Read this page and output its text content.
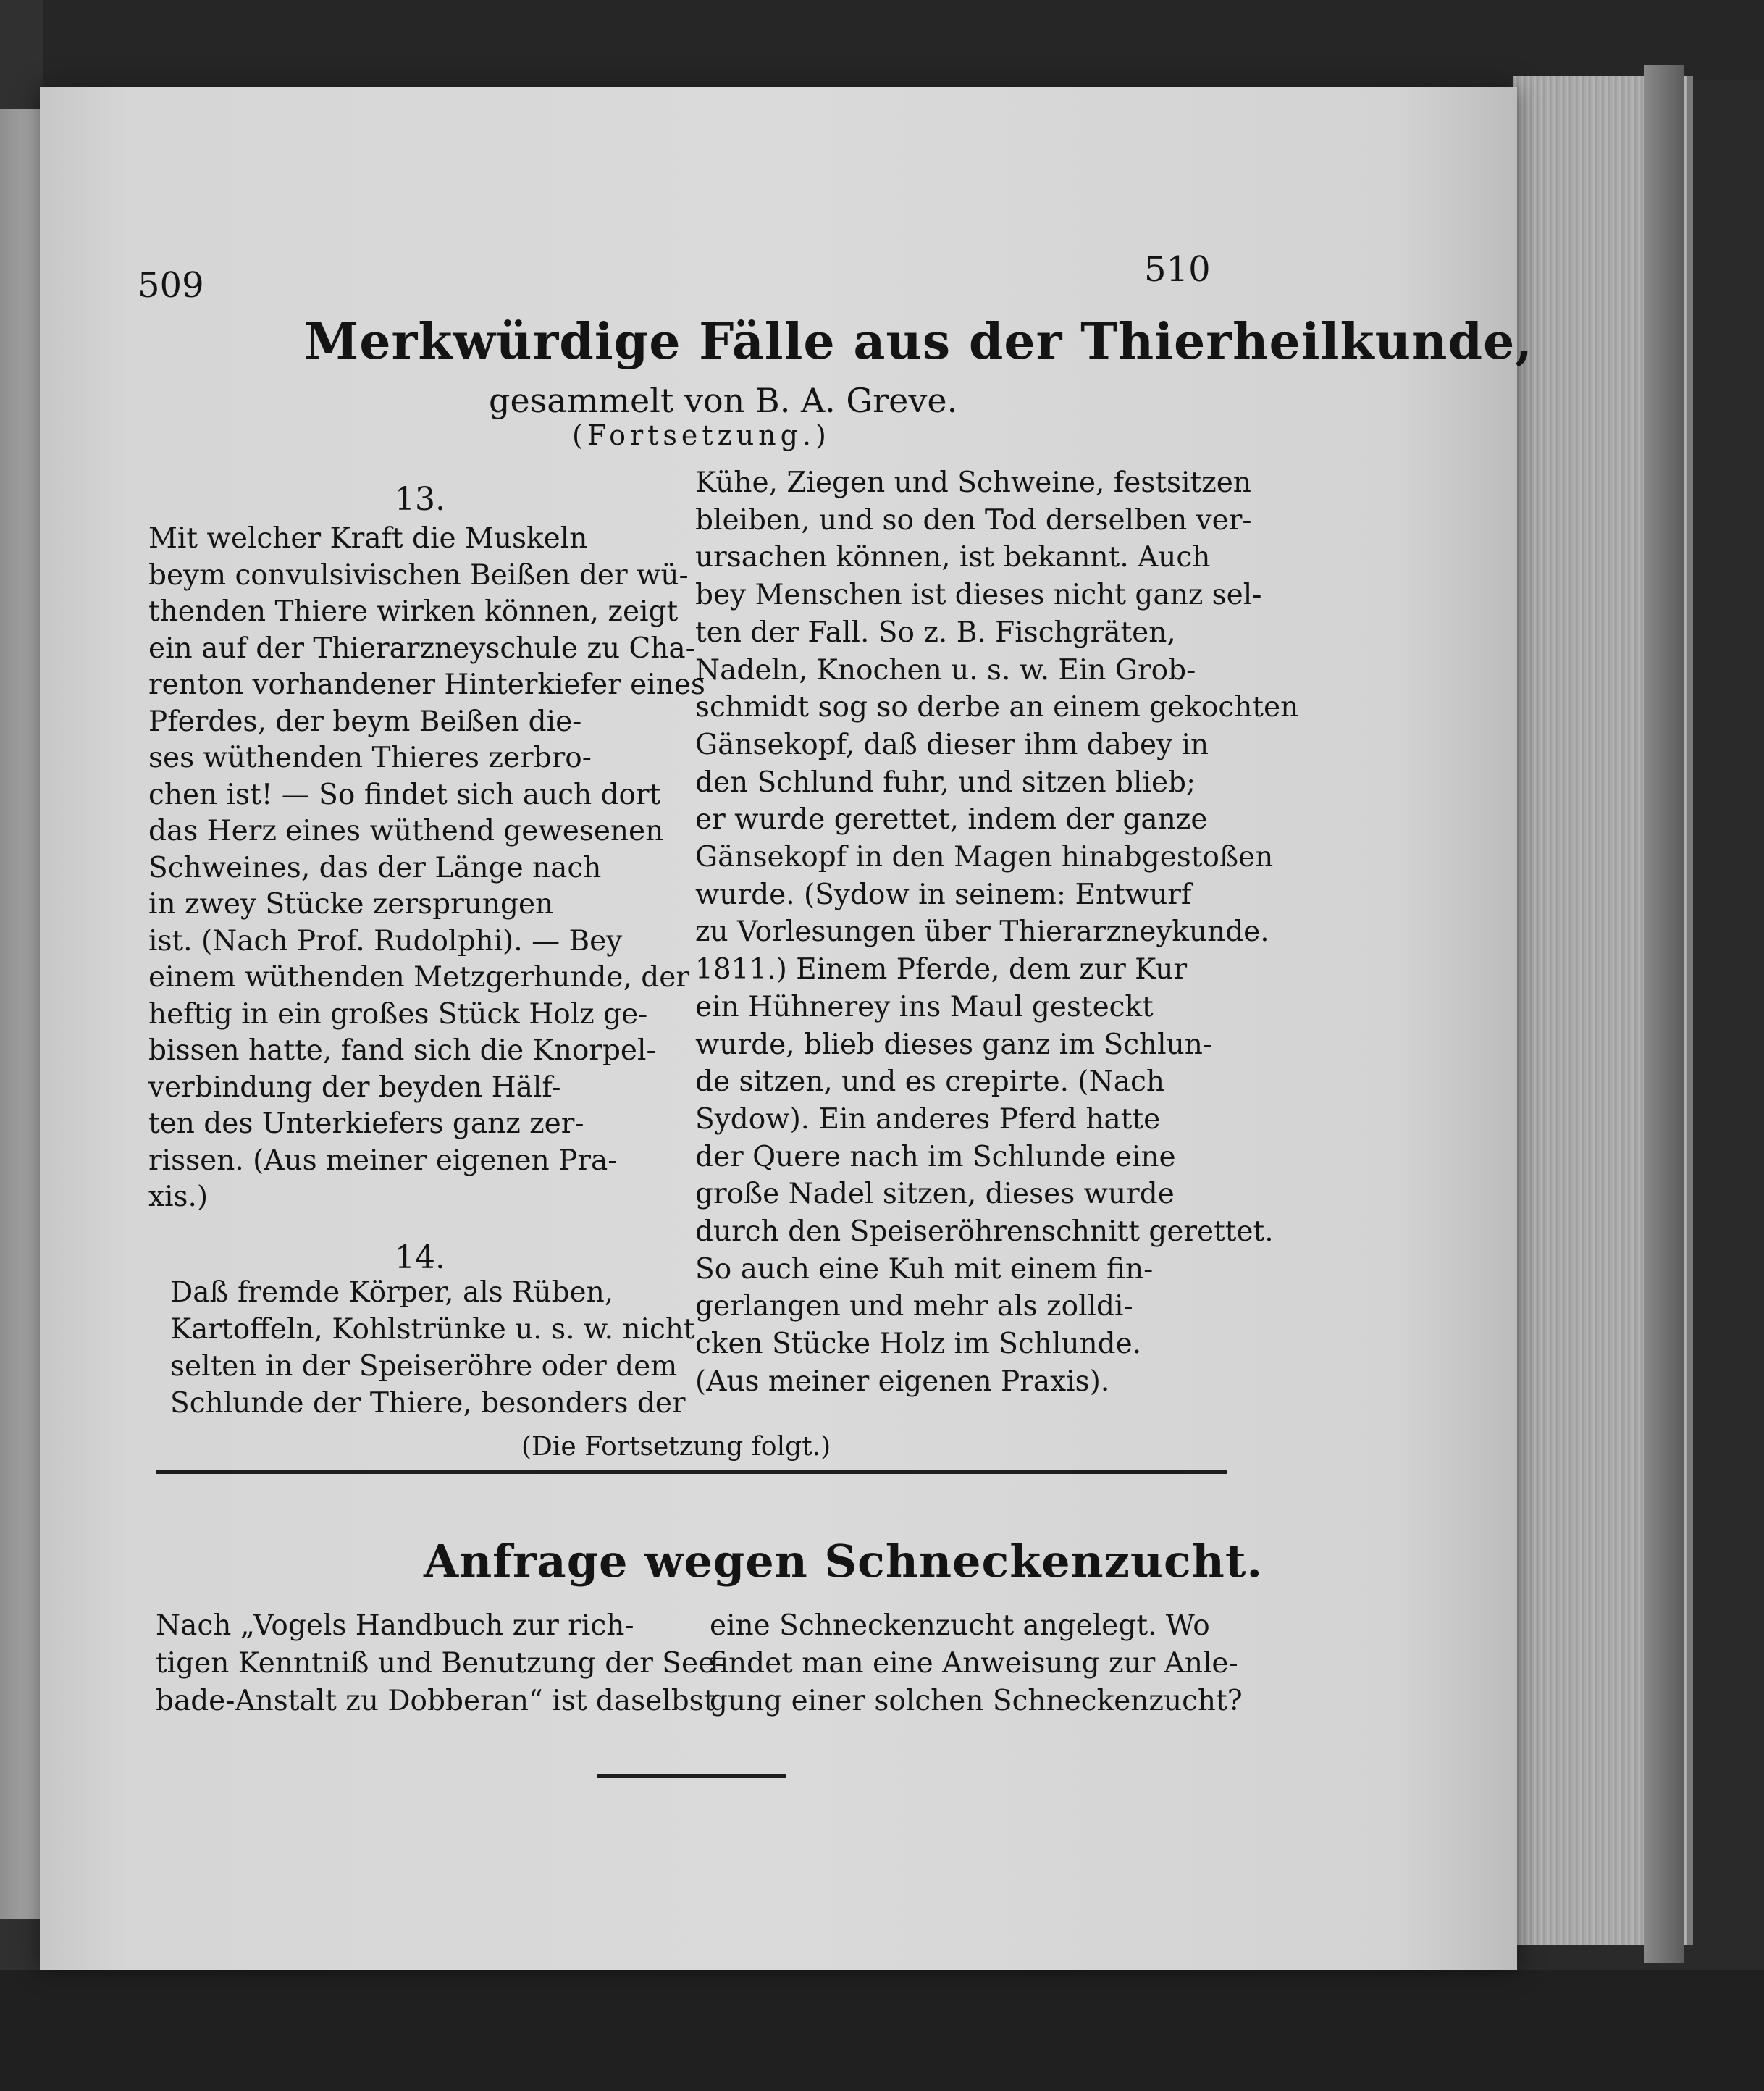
509	510
Merkwürdige Fälle aus der Thierheilkunde,
gesammelt von B. A. Greve.
(Fortsetzung.)
13.
Mit welcher Kraft die Muskeln
beym convulsivischen Beißen der wü-
thenden Thiere wirken können, zeigt
ein auf der Thierarzneyschule zu Cha-
renton vorhandener Hinterkiefer eines
Pferdes, der beym Beißen die-
ses wüthenden Thieres zerbro-
chen ist! — So findet sich auch dort
das Herz eines wüthend gewesenen
Schweines, das der Länge nach
in zwey Stücke zersprungen
ist. (Nach Prof. Rudolphi). — Bey
einem wüthenden Metzgerhunde, der
heftig in ein großes Stück Holz ge-
bissen hatte, fand sich die Knorpel-
verbindung der beyden Hälf-
ten des Unterkiefers ganz zer-
rissen. (Aus meiner eigenen Pra-
xis.)
14.
Daß fremde Körper, als Rüben,
Kartoffeln, Kohlstrünke u. s. w. nicht
selten in der Speiseröhre oder dem
Schlunde der Thiere, besonders der
Kühe, Ziegen und Schweine, festsitzen
bleiben, und so den Tod derselben ver-
ursachen können, ist bekannt. Auch
bey Menschen ist dieses nicht ganz sel-
ten der Fall. So z. B. Fischgräten,
Nadeln, Knochen u. s. w. Ein Grob-
schmidt sog so derbe an einem gekochten
Gänsekopf, daß dieser ihm dabey in
den Schlund fuhr, und sitzen blieb;
er wurde gerettet, indem der ganze
Gänsekopf in den Magen hinabgestoßen
wurde. (Sydow in seinem: Entwurf
zu Vorlesungen über Thierarzneykunde.
1811.) Einem Pferde, dem zur Kur
ein Hühnerey ins Maul gesteckt
wurde, blieb dieses ganz im Schlun-
de sitzen, und es crepirte. (Nach
Sydow). Ein anderes Pferd hatte
der Quere nach im Schlunde eine
große Nadel sitzen, dieses wurde
durch den Speiseröhrenschnitt gerettet.
So auch eine Kuh mit einem fin-
gerlangen und mehr als zolldi-
cken Stücke Holz im Schlunde.
(Aus meiner eigenen Praxis).
(Die Fortsetzung folgt.)
Anfrage wegen Schneckenzucht.
Nach „Vogels Handbuch zur rich-
tigen Kenntniß und Benutzung der See-
bade-Anstalt zu Dobberan“ ist daselbst
eine Schneckenzucht angelegt. Wo
findet man eine Anweisung zur Anle-
gung einer solchen Schneckenzucht?
